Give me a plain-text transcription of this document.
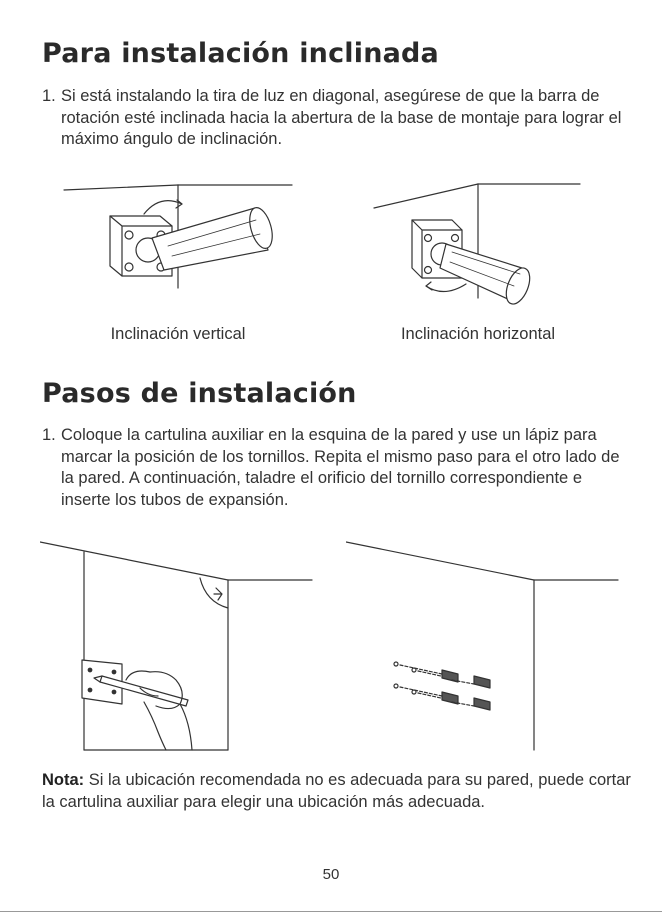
Para instalación inclinada

1. Si está instalando la tira de luz en diagonal, asegúrese de que la barra de rotación esté inclinada hacia la abertura de la base de montaje para lograr el máximo ángulo de inclinación.

Inclinación vertical	Inclinación horizontal
Pasos de instalación

1. Coloque la cartulina auxiliar en la esquina de la pared y use un lápiz para marcar la posición de los tornillos. Repita el mismo paso para el otro lado de la pared. A continuación, taladre el orificio del tornillo correspondiente e inserte los tubos de expansión.

Nota: Si la ubicación recomendada no es adecuada para su pared, puede cortar la cartulina auxiliar para elegir una ubicación más adecuada.

50
